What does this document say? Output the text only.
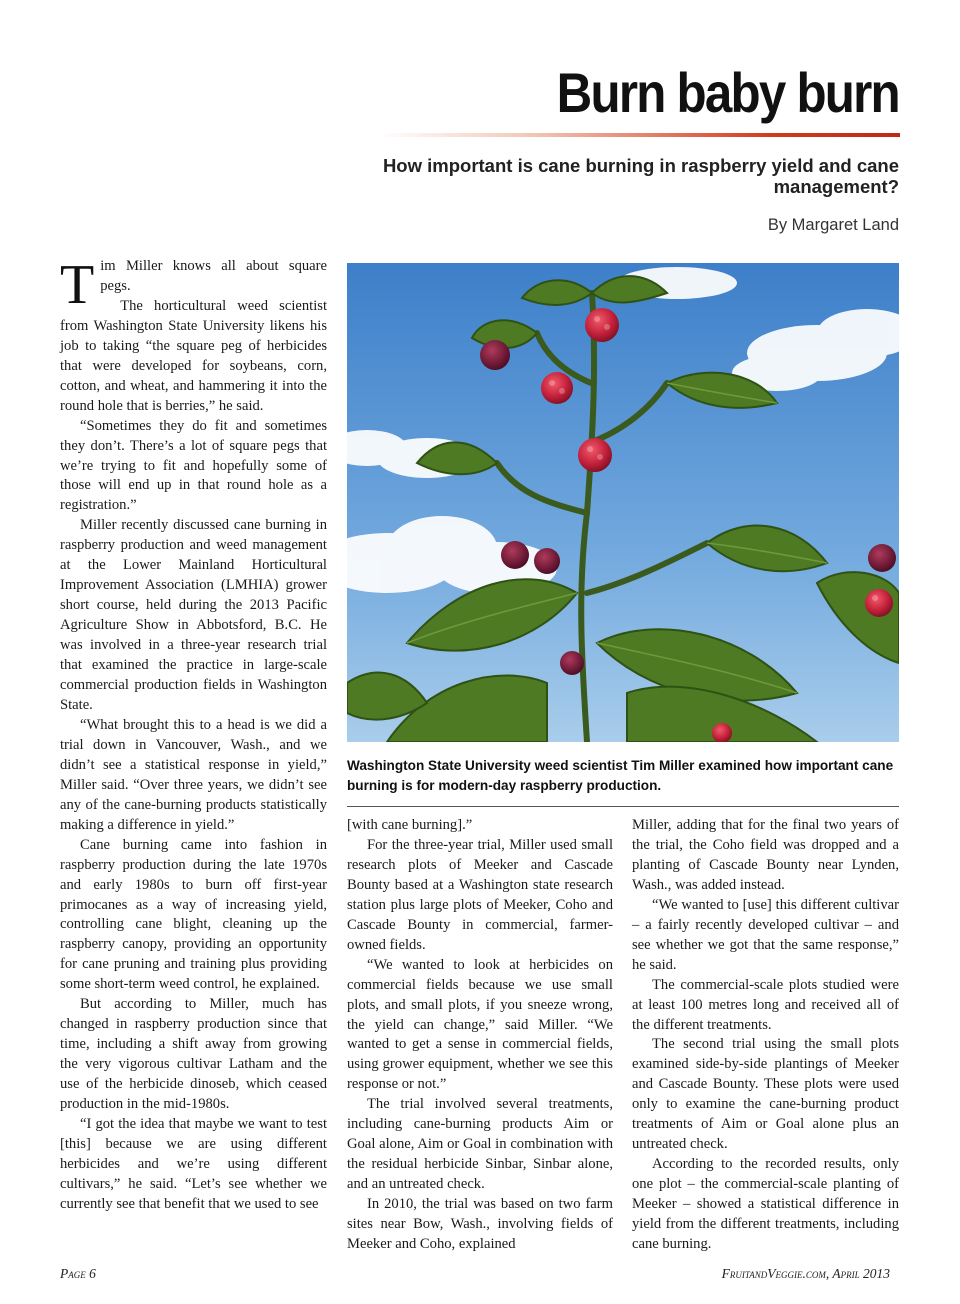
Burn baby burn
How important is cane burning in raspberry yield and cane management?
By Margaret Land

Tim Miller knows all about square pegs.

The horticultural weed scientist from Washington State University likens his job to taking “the square peg of herbicides that were developed for soybeans, corn, cotton, and wheat, and hammering it into the round hole that is berries,” he said.

“Sometimes they do fit and sometimes they don’t. There’s a lot of square pegs that we’re trying to fit and hopefully some of those will end up in that round hole as a registration.”

Miller recently discussed cane burning in raspberry production and weed management at the Lower Mainland Horticultural Improvement Association (LMHIA) grower short course, held during the 2013 Pacific Agriculture Show in Abbotsford, B.C. He was involved in a three-year research trial that examined the practice in large-scale commercial production fields in Washington State.

“What brought this to a head is we did a trial down in Vancouver, Wash., and we didn’t see a statistical response in yield,” Miller said. “Over three years, we didn’t see any of the cane-burning products statistically making a difference in yield.”

Cane burning came into fashion in raspberry production during the late 1970s and early 1980s to burn off first-year primocanes as a way of increasing yield, controlling cane blight, cleaning up the raspberry canopy, providing an opportunity for cane pruning and training plus providing some short-term weed control, he explained.

But according to Miller, much has changed in raspberry production since that time, including a shift away from growing the very vigorous cultivar Latham and the use of the herbicide dinoseb, which ceased production in the mid-1980s.

“I got the idea that maybe we want to test [this] because we are using different herbicides and we’re using different cultivars,” he said. “Let’s see whether we currently see that benefit that we used to see

Washington State University weed scientist Tim Miller examined how important cane burning is for modern-day raspberry production.

[with cane burning].”

For the three-year trial, Miller used small research plots of Meeker and Cascade Bounty based at a Washington state research station plus large plots of Meeker, Coho and Cascade Bounty in commercial, farmer-owned fields.

“We wanted to look at herbicides on commercial fields because we use small plots, and small plots, if you sneeze wrong, the yield can change,” said Miller. “We wanted to get a sense in commercial fields, using grower equipment, whether we see this response or not.”

The trial involved several treatments, including cane-burning products Aim or Goal alone, Aim or Goal in combination with the residual herbicide Sinbar, Sinbar alone, and an untreated check.

In 2010, the trial was based on two farm sites near Bow, Wash., involving fields of Meeker and Coho, explained

Miller, adding that for the final two years of the trial, the Coho field was dropped and a planting of Cascade Bounty near Lynden, Wash., was added instead.

“We wanted to [use] this different cultivar – a fairly recently developed cultivar – and see whether we got that the same response,” he said.

The commercial-scale plots studied were at least 100 metres long and received all of the different treatments.

The second trial using the small plots examined side-by-side plantings of Meeker and Cascade Bounty. These plots were used only to examine the cane-burning product treatments of Aim or Goal alone plus an untreated check.

According to the recorded results, only one plot – the commercial-scale planting of Meeker – showed a statistical difference in yield from the different treatments, including cane burning.

Page 6	FruitandVeggie.com, April 2013
